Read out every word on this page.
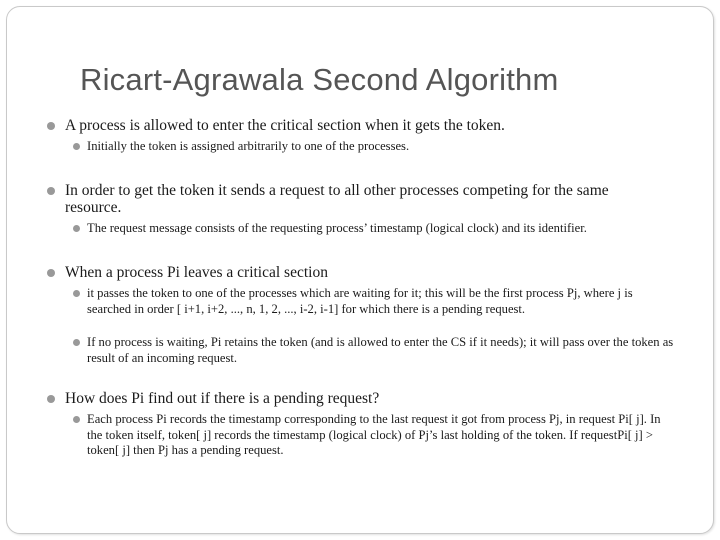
Ricart-Agrawala Second Algorithm
A process is allowed to enter the critical section when it gets the token.
Initially the token is assigned arbitrarily to one of the processes.
In order to get the token it sends a request to all other processes competing for the same resource.
The request message consists of the requesting process’ timestamp (logical clock) and its identifier.
When a process Pi leaves a critical section
it passes the token to one of the processes which are waiting for it; this will be the first process Pj, where j is searched in order [ i+1, i+2, ..., n, 1, 2, ..., i-2, i-1] for which there is a pending request.
If no process is waiting, Pi retains the token (and is allowed to enter the CS if it needs); it will pass over the token as result of an incoming request.
How does Pi find out if there is a pending request?
Each process Pi records the timestamp corresponding to the last request it got from process Pj, in request Pi[ j]. In the token itself, token[ j] records the timestamp (logical clock) of Pj’s last holding of the token. If requestPi[ j] > token[ j] then Pj has a pending request.
